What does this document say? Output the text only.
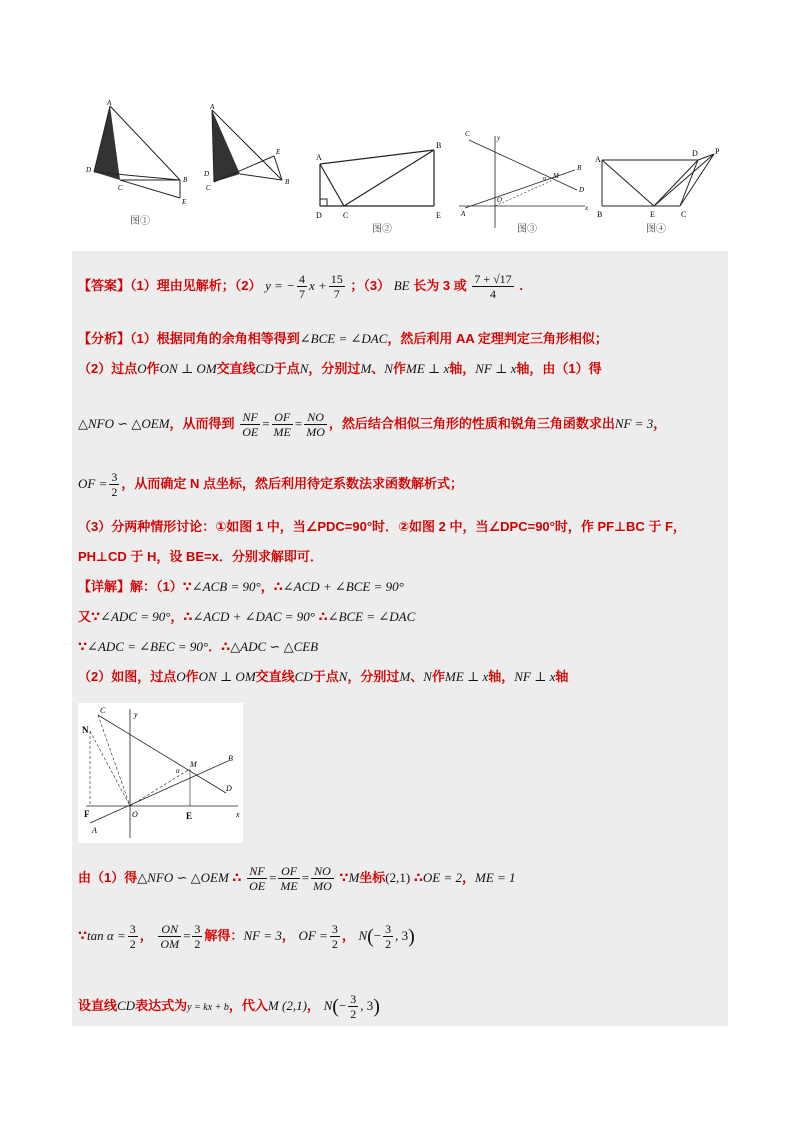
A
D
C
B
E
图①
A
D
C
B
E
A
D	C
B
E
图②
C	y
A
O
M
α
B
D
x
图③
A
D P
B	E	C
图④
【答案】（1）理由见解析；（2） y = − $\frac{4}{7}$ $x + \frac{15}{7}$ ；（3） BE 长为 3 或 $\frac{7 + √17}{4}$ .
【分析】（1）根据同角的余角相等得到∠BCE = ∠DAC，然后利用 AA 定理判定三角形相似；
（2）过点O作ON ⊥ OM交直线CD于点N，分别过M、N作ME ⊥ x轴，NF ⊥ x轴，由（1）得
△NFO ∽ △OEM，从而得到 $\frac{NF}{OE} = \frac{OF}{ME} = \frac{NO}{MO}$ ，然后结合相似三角形的性质和锐角三角函数求出NF = 3，
OF = $\frac{3}{2}$ ，从而确定 N 点坐标，然后利用待定系数法求函数解析式；
（3）分两种情形讨论：①如图 1 中，当∠PDC=90°时．②如图 2 中，当∠DPC=90°时，作 PF⊥BC 于 F，
PH⊥CD 于 H，设 BE=x．分别求解即可．
【详解】解：（1）∵∠ACB = 90°，∴∠ACD + ∠BCE = 90°
又∵∠ADC = 90°，∴∠ACD + ∠DAC = 90° ∴∠BCE = ∠DAC
∵∠ADC = ∠BEC = 90°．∴△ADC ∽ △CEB
（2）如图，过点O作ON ⊥ OM交直线CD于点N，分别过M、N作ME ⊥ x轴，NF ⊥ x轴
C	y
N
B
M
α
D
F	O	E	x
A
由（1）得△NFO ∽ △OEM ∴ $\frac{NF}{OE} = \frac{OF}{ME} = \frac{NO}{MO}$ ∵M坐标(2,1) ∴OE = 2，ME = 1
∵tan $\alpha = \frac{3}{2}$ ， $\frac{ON}{OM} = \frac{3}{2}$ 解得：NF = 3， OF = $\frac{3}{2}$ ， $N(- \frac{3}{2}$ , 3)
设直线CD表达式为y = kx + b，代入M (2,1)， $N(- \frac{3}{2}$ , 3)
